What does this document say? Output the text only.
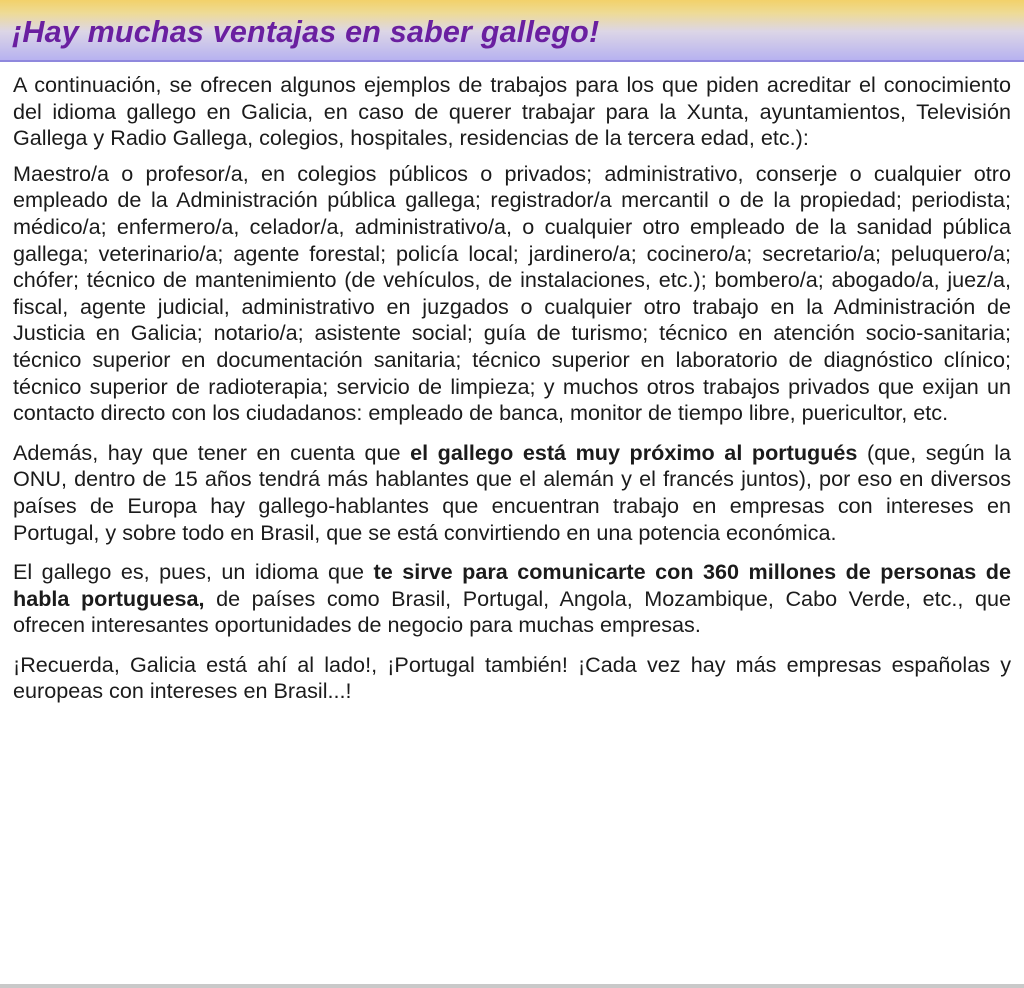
¡Hay muchas ventajas en saber gallego!

A continuación, se ofrecen algunos ejemplos de trabajos para los que piden acreditar el conocimiento del idioma gallego en Galicia, en caso de querer trabajar para la Xunta, ayuntamientos, Televisión Gallega y Radio Gallega, colegios, hospitales, residencias de la tercera edad, etc.):

Maestro/a o profesor/a, en colegios públicos o privados; administrativo, conserje o cualquier otro empleado de la Administración pública gallega; registrador/a mercantil o de la propiedad; periodista; médico/a; enfermero/a, celador/a, administrativo/a, o cualquier otro empleado de la sanidad pública gallega; veterinario/a; agente forestal; policía local; jardinero/a; cocinero/a; secretario/a; peluquero/a; chófer; técnico de mantenimiento (de vehículos, de instalaciones, etc.); bombero/a; abogado/a, juez/a, fiscal, agente judicial, administrativo en juzgados o cualquier otro trabajo en la Administración de Justicia en Galicia; notario/a; asistente social; guía de turismo; técnico en atención socio-sanitaria; técnico superior en documentación sanitaria; técnico superior en laboratorio de diagnóstico clínico; técnico superior de radioterapia; servicio de limpieza; y muchos otros trabajos privados que exijan un contacto directo con los ciudadanos: empleado de banca, monitor de tiempo libre, puericultor, etc.

Además, hay que tener en cuenta que el gallego está muy próximo al portugués (que, según la ONU, dentro de 15 años tendrá más hablantes que el alemán y el francés juntos), por eso en diversos países de Europa hay gallego-hablantes que encuentran trabajo en empresas con intereses en Portugal, y sobre todo en Brasil, que se está convirtiendo en una potencia económica.

El gallego es, pues, un idioma que te sirve para comunicarte con 360 millones de personas de habla portuguesa, de países como Brasil, Portugal, Angola, Mozambique, Cabo Verde, etc., que ofrecen interesantes oportunidades de negocio para muchas empresas.

¡Recuerda, Galicia está ahí al lado!, ¡Portugal también! ¡Cada vez hay más empresas españolas y europeas con intereses en Brasil...!
